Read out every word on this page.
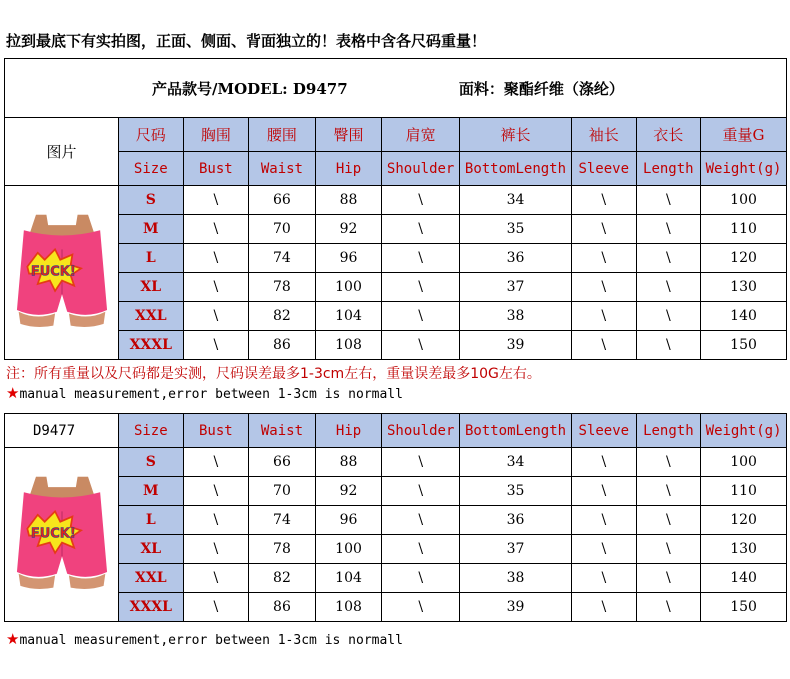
拉到最底下有实拍图，正面、侧面、背面独立的！表格中含各尺码重量！
产品款号/MODEL: D9477 面料：聚酯纤维（涤纶）									
图片	尺码	胸围	腰围	臀围	肩宽	裤长	袖长	衣长	重量G
	Size	Bust	Waist	Hip	Shoulder	BottomLength	Sleeve	Length	Weight(g)
	S	\	66	88	\	34	\	\	100
	M	\	70	92	\	35	\	\	110
	L	\	74	96	\	36	\	\	120
	XL	\	78	100	\	37	\	\	130
	XXL	\	82	104	\	38	\	\	140
	XXXL	\	86	108	\	39	\	\	150
注：所有重量以及尺码都是实测，尺码误差最多1-3cm左右，重量误差最多10G左右。
★manual measurement,error between 1-3cm is normall
D9477	Size	Bust	Waist	Hip	Shoulder	BottomLength	Sleeve	Length	Weight(g)
	S	\	66	88	\	34	\	\	100
	M	\	70	92	\	35	\	\	110
	L	\	74	96	\	36	\	\	120
	XL	\	78	100	\	37	\	\	130
	XXL	\	82	104	\	38	\	\	140
	XXXL	\	86	108	\	39	\	\	150
★manual measurement,error between 1-3cm is normall
